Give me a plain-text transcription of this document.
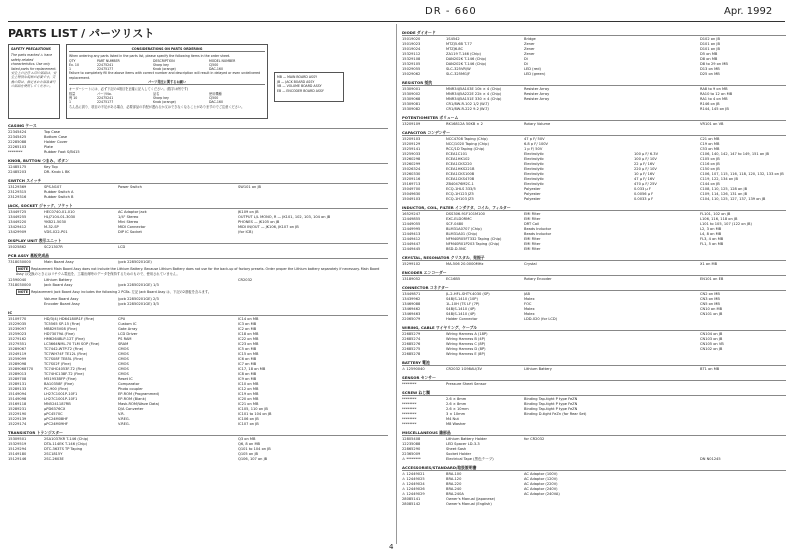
DR - 660	Apr. 1992
PARTS LIST / パーツリスト
SAFETY PRECAUTIONS
The parts marked ⚠ have safety-related characteristics. Use only listed parts for replacement. 安全上の注意 ⚠印の部品は、安全上特別な規格が必要です。交換の際は、指定された部品番号の部品を使用してください。
CONSIDERATIONS ON PARTS ORDERING
When ordering any parts listed in the parts list, please specify the following items in the order sheet.
QTY	PART NUMBER	DESCRIPTION	MODEL NUMBER
Ex. 10	22475241	Sharp key	CJ500
1	22475177	Knob (orange)	DAC-160
Failure to completely fill the above items with correct number and description will result in delayed or even undelivered replacement.
パーツ発注に関するお願い
オーダーシートには、必ず下記の4項目を正確に記入してください。(数字は例です)
数量	パーツNo.	品名	使用機種
例 10	22475241	Sharp key	CJ500
1	22475177	Knob (orange)	DAC-160
ちん品に誤り、項目の不足がある場合、必要部品の手配が遅れるか又はできなくなることがありますのでご注意ください。
MB — MAIN BOARD ASSY
JB — JACK BOARD ASSY
VB — VOLUME BOARD ASSY
EB — ENCODER BOARD ASSY
CASING ケース
22345424	Top Case
22345425	Bottom Case
22285088	Holder Cover
22265103	Plate
********	Rubber Foot S/B415
KNOB, BUTTON つまみ、ボタン
12485175	Key Top
22485203	DR- Knob L BK
SWITCH スイッチ
13129369	SPS-N107	Power Switch	SW101 on JB
23129315	Rubber Switch A
23129316	Rubber Switch B
JACK, SOCKET ジャック、ソケット
13449725	HEC0740-01-010	AC Adaptor Jack	JK109 on JB
13449255	HLJ7104-01-3030	1/4" Stereo	OUTPUT L/L MONO, R — JK101, 102, 103, 104 on JB
13449220	YKB21-5030	Mini Stereo	PHONES — JK105 on JB
13429412	M-32-SP	MIDI Connector	MIDI IN/OUT — JK106, JK107 on JB
13429909	VDS-022-P01	DIP IC Socket	(for ICB)
DISPLAY UNIT 表示ユニット
15025862	SC21307R	LCD
PCB ASSY 基板完成品
7318030000	Main Board Assy	(pcb 22850201GE)
NOTE Replacement Main Board Assy does not include the Lithium Battery. Because Lithium Battery does not use for the back-up of factory presets. Order proper the Lithium battery separately if necessary. Main Board Assy は交換のときにはリチウム電池を、工場出荷時のデータを保持するためのもので、使用されていません。
12590040	Lithium Battery	CR2032
7318030000	Jack Board Assy	(pcb 22850201GE) 1/3
NOTE Replacement Jack Board Assy includes the following 2 PCBs. 左記 Jack Board Assy は、下記の2基板を含みます。
Volume Board Assy	(pcb 22850201GE) 2/3
Encoder Board Assy	(pcb 22850201GE) 3/3
IC
15109770	HD/3(4) HD64180R1F (Fine)	CPU	IC14 on MB
15229035	TC5565 SP-15 (Fine)	Custom IC	IC3 on MB
15239097	MB8293V08 (Fine)	Gate Array	IC2 on MB
15259023	HD73079A (Fine)	LCD Driver	IC18 on MB
15279162	HM6264BLP-12T (Fine)	PS RAM	IC22 on MB
15279351	LC3664NML-70 TLM SOP (Fine)	SRAM	IC23 on MB
15289067	TC7442-WTP-T2 (Fine)	CMOS	IC5 on MB
15249119	TC7WH74F TE12L (Fine)	CMOS	IC15 on MB
15259099	TC7S08F TE85L (Fine)	CMOS	IC6 on MB
15289098	TC7S02F (Fine)	CMOS	IC7 on MB
15289068770	TC74HC4053F-T2 (Fine)	CMOS	IC17, 18 on MB
15289013	TC74HC138F-T2 (Fine)	CMOS	IC8 on MB
15289708	M51953BFP (Fine)	Reset IC	IC9 on MB
15289131	BA10358F (Fine)	Comparator	IC10 on MB
15289133	PC-900 (Fine)	Photo coupler	IC12 on MB
15149094	LH27C1001P-10F1	EP-ROM (Programmed)	IC19 on MB
15149098	LH27C1001P-10F1	EP-ROM (Blank)	IC20 on MB
15169118	MN5241187RB	Mask-ROM/Wave Data)	IC21 on MB
15289231	μPD6376CX	D/A Converter	IC105, 110 on JB
15229190	μPC4570C	V.R.	IC101 to 104 on JB
15229139	μPC24M08HF	V.REG.	IC106 on JB
15229174	μPC24M09HF	V.REG.	IC107 on JB
TRANSISTOR トランジスター
15309501	2SA1037KR T-146 (Chip)	Q3 on MB
15329519	DTA-114EK T-146 (Chip)	Q6, 8 on MB
15129294	DTC-363TS TP Taping	Q101 to 104 on JB
15149180	2SC1815Y	Q105 on JB
15129146	2SC-2603E	Q106, 107 on JB
DIODE ダイオード
15019020	1S4542	Bridge	D102 on JB
15019023	MTZJ5.6B T-77	Zener	D101 on JB
15019024	MTZJ6.8C	Zener	D101 on JB
15329112	ZA119 T-146 (Chip)	Zener	D5 on MB
15329108	DAN202K T-146 (Chip)	Di	D8 on MB
15329105	DAN202K T-146 (Chip)	Di	D8 to 29 on MB
15029055	SLC-325VR/W	LED (red)	D13 on MB
15029062	SLC-325MG/F	LED (green)	D25 on MB
RESISTOR 抵抗
15309001	MNR34J5A103E 10k × 4 (Chip)	Resister Array	RA8 to 9 on MB
15309002	MNR34J5A222E 22k × 4 (Chip)	Resister Array	RA10 to 12 on MB
15309068	MNR34J5A151E 330 × 4 (Chip)	Resister Array	RA1 to 4 on MB
15309081	CR1/8W-R-102 1/2 JW-TJ	R146 on JB
15309082	CR1/8W-R-222 9.2 JW-TJ	R144, 145 on JB
POTENTIOMETER ボリューム
13209109	RK16812A 50KB × 2	Rotary Volume	VR101 on VB
CAPACITOR コンデンサー
15209103	NCC4708 Taping (Chip)	47 p F/ 50V	C21 on MB
15209129	NCC/1020 Taping (Chip)	6.8 p F/ 100V	C19 on MB
15259141	RCC/1D Taping (Chip)	1 p F/ 50V	C53 on MB
15259033	ECEA1C101	Electrolytic	100 μ F/ 6.3V	C106, 140, 142, 147 to 149, 151 on JB
15260298	ECEA1HK102	Electrolytic	100 μ F/ 10V	C105 on JB
15260299	ECEA1CKS220	Electrolytic	22 μ F/ 16V	C116 on JB
15026324	ECEA1HKS221B	Electrolytic	220 μ F/ 10V	C150 on JB
15260330	ECEA1CKS100B	Electrolytic	10 μ F/ 16V	C106, 107, 115, 116, 118, 120, 132, 133 on JB
15209116	ECEA1CKS470B	Electrolytic	47 μ F/ 16V	C119, 122, 134 on JB
15169713	ZB40476M2C-1	Electrolytic	470 μ F/ 25V	C144 on JB
15049700	ECQ-1HLS 333/5	Polyester	0.033 μ F	C108, 110, 125, 128 on JB
15049630	ECQ-1H123 JZ5	Polyester	0.0056 μ F	C109, 114, 126, 131 on JB
15049103	ECQ-1H103 JZ5	Polyester	0.0033 μ F	C104, 110, 125, 127, 137, 139 on JB
INDUCTOR, COIL, FILTER インダクタ、コイル、フィルター
16529247	DSS306-91F101M100	EMI Filter	FL101, 102 on JB
12449855	EXC-ELD0RMC	EMI Filter	L106, 116, 118 on JB
12449055	SCF-0480	DRT Coil	L101 to 105, 107 (122 on JB)
12449995	BLM31A0707 (Chip)	Beads Inductor	L2, 3 on MB
12449413	BLM31A01 (Chip)	Beads Inductor	L4, 8 on MB
12449412	NFM40R05FT332 Taping (Chip)	EMI Filter	FL3, 4 on MB
12449447	NFM40R01P203 Taping (Chip)	EMI Filter	FL1, 5 on MB
12449445	BSD-D-5NC	EMI Filter
CRYSTAL, RESONATOR クリスタル、発振子
15299102	MA-506 20.0000MHz	Crystal	X1 on MB
ENCODER エンコーダー
13189052	EC16B5	Rotary Encoder	EN101 on EB
CONNECTOR コネクター
13449871	JL-2-HFL-SHTY-4030 (SP)	JAB	CN2 on MB
13439962	S4B(S-1410 (10P)	Molex	CN3 on MB
13469088	1L-10H (TS LF (7P)	FOC	CN5 on MB
13469462	S4B(S-1410 (4P)	Molex	CN10 on MB
13469463	S4B(S-1410 (4P)	Molex	CN101 on JB
22065079	Holder Connector	LDD-020 (for LCD)
WIRING, CABLE ワイヤリング、ケーブル
22685279	Wiring Harness A (18P)	CN104 on JB
22685274	Wiring Harness B (4P)	CN103 on JB
22685276	Wiring Harness C (8P)	CN105 on VB
22685275	Wiring Harness D (8P)	CN102 on JB
22685278	Wiring Harness E (8P)
BATTERY 電池
⚠ 12590040	CR2032 1G98AU/3V	Lithium Battery	BT1 on MB
SENSOR センサー
********	Pressure Sheet Sensor
SCREW ねじ類
********	2.6 × 8mm	Binding Tap-tight P type FeZN
********	2.6 × 8mm	Binding Tap-tight P type FeZN
********	2.6 × 10mm	Binding Tap-tight P type FeZN
********	3 × 10mm	Binding D-tight FeZn (for Rear Set)
********	M4 Nut
********	M8 Washer
MISCELLANEOUS 雑部品
12805408	Lithium Battery Holder	for CR2032
12235088	LED Spacer LD-3-3
22865290	Sheet Sash
22365009	Socket Holder
⚠ ********	Electrical Tape (黒色テープ)	DN N01245
ACCESSORIES/STANDARD/取扱説明書
⚠ 12449021	BRA-100	AC Adaptor (100V)
⚠ 12449025	BRA-120	AC Adaptor (120V)
⚠ 12449024	BRA-220	AC Adaptor (220V)
⚠ 12449026	BRA-240	AC Adaptor (240V)
⚠ 12449029	BRA-240A	AC Adaptor (240VA)
28085141	Owner's Manual (Japanese)
28085142	Owner's Manual (English)
4
